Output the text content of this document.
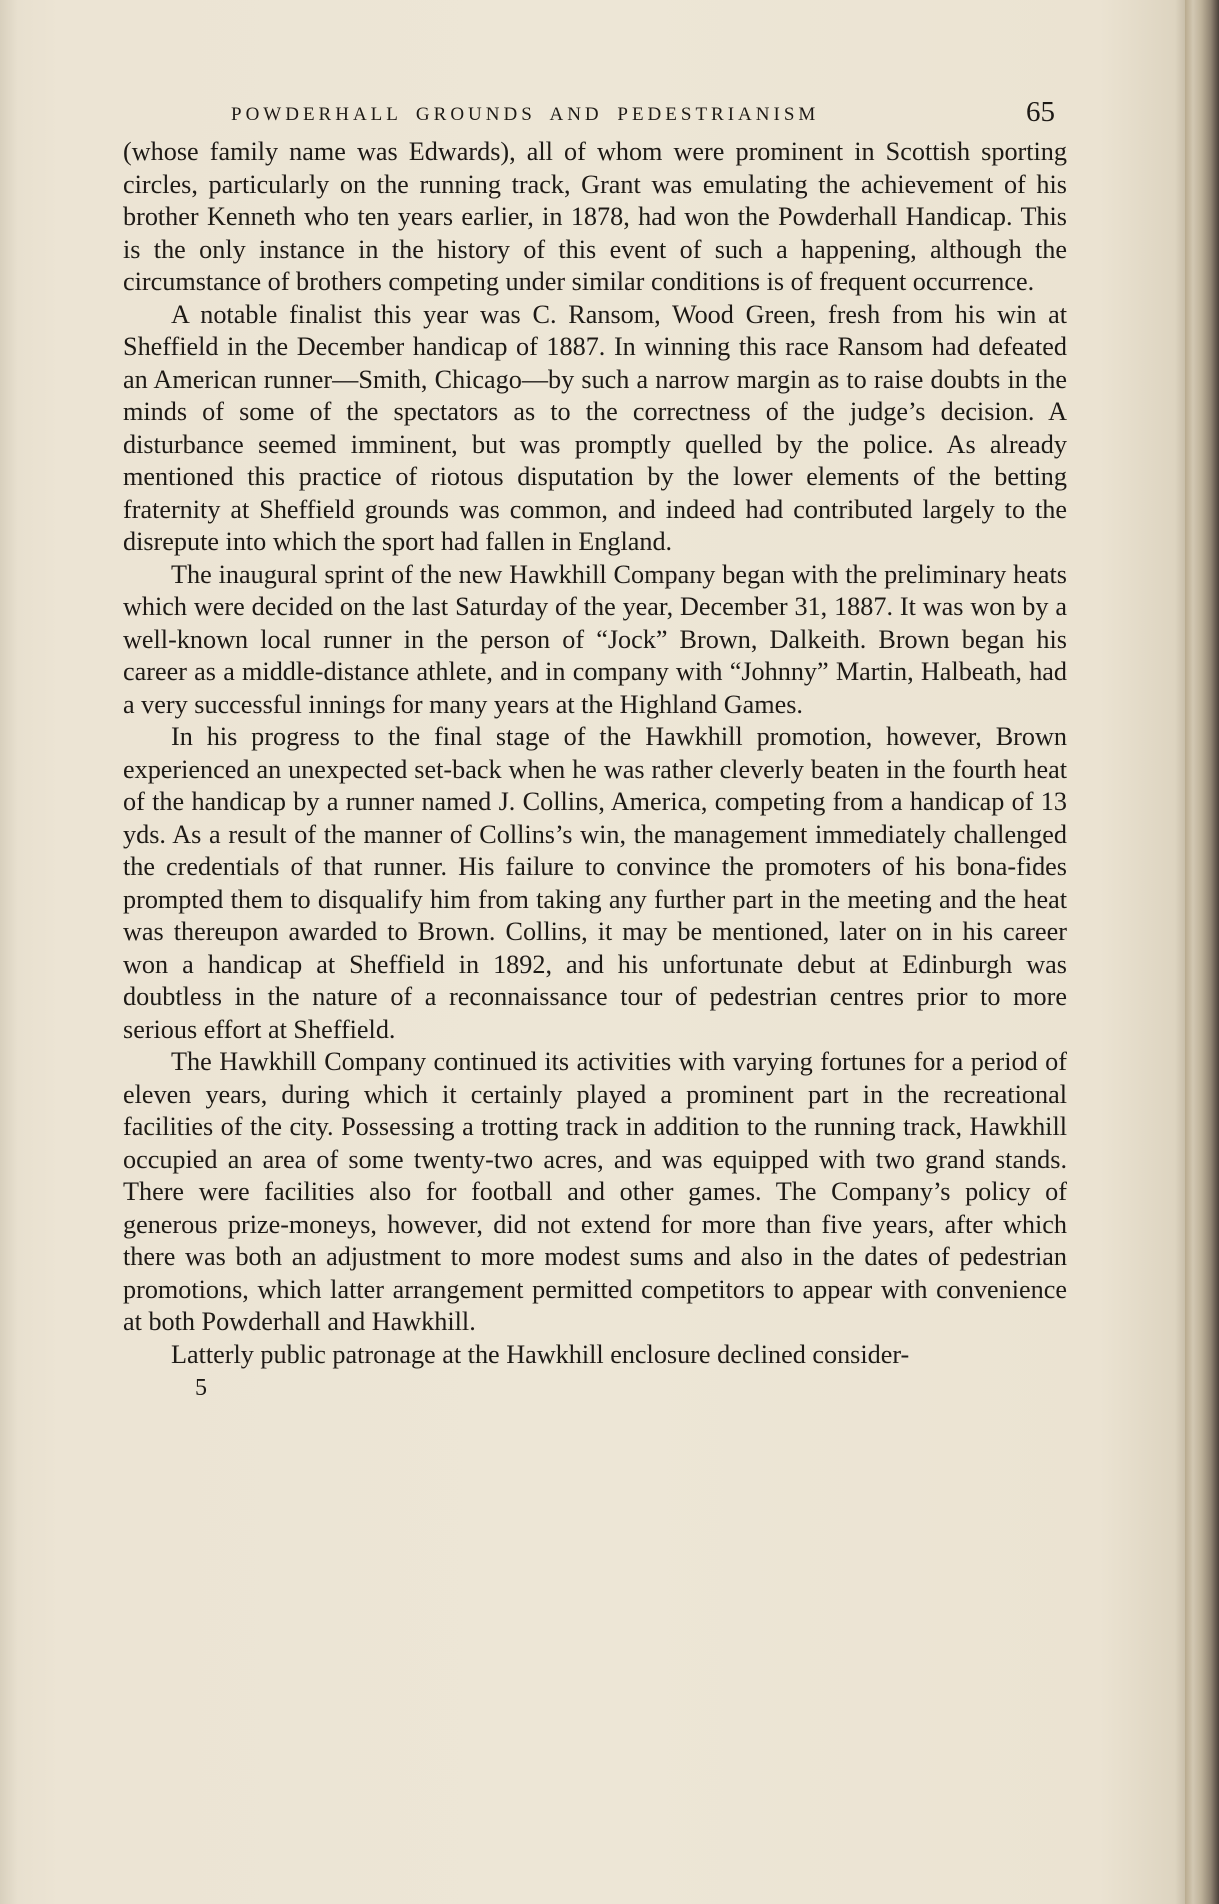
POWDERHALL GROUNDS AND PEDESTRIANISM	65

(whose family name was Edwards), all of whom were prominent in Scottish sporting circles, particularly on the running track, Grant was emulating the achievement of his brother Kenneth who ten years earlier, in 1878, had won the Powderhall Handicap. This is the only instance in the history of this event of such a happening, although the circumstance of brothers competing under similar conditions is of frequent occurrence.

A notable finalist this year was C. Ransom, Wood Green, fresh from his win at Sheffield in the December handicap of 1887. In winning this race Ransom had defeated an American runner—Smith, Chicago—by such a narrow margin as to raise doubts in the minds of some of the spectators as to the correctness of the judge’s decision. A disturbance seemed imminent, but was promptly quelled by the police. As already mentioned this practice of riotous disputation by the lower elements of the betting fraternity at Sheffield grounds was common, and indeed had contributed largely to the disrepute into which the sport had fallen in England.

The inaugural sprint of the new Hawkhill Company began with the preliminary heats which were decided on the last Saturday of the year, December 31, 1887. It was won by a well-known local runner in the person of “Jock” Brown, Dalkeith. Brown began his career as a middle-distance athlete, and in company with “Johnny” Martin, Halbeath, had a very successful innings for many years at the Highland Games.

In his progress to the final stage of the Hawkhill promotion, however, Brown experienced an unexpected set-back when he was rather cleverly beaten in the fourth heat of the handicap by a runner named J. Collins, America, competing from a handicap of 13 yds. As a result of the manner of Collins’s win, the management immediately challenged the credentials of that runner. His failure to convince the promoters of his bona-fides prompted them to disqualify him from taking any further part in the meeting and the heat was thereupon awarded to Brown. Collins, it may be mentioned, later on in his career won a handicap at Sheffield in 1892, and his unfortunate debut at Edinburgh was doubtless in the nature of a reconnaissance tour of pedestrian centres prior to more serious effort at Sheffield.

The Hawkhill Company continued its activities with varying fortunes for a period of eleven years, during which it certainly played a prominent part in the recreational facilities of the city. Possessing a trotting track in addition to the running track, Hawkhill occupied an area of some twenty-two acres, and was equipped with two grand stands. There were facilities also for football and other games. The Company’s policy of generous prize-moneys, however, did not extend for more than five years, after which there was both an adjustment to more modest sums and also in the dates of pedestrian promotions, which latter arrangement permitted competitors to appear with convenience at both Powderhall and Hawkhill.

Latterly public patronage at the Hawkhill enclosure declined consider-

5
